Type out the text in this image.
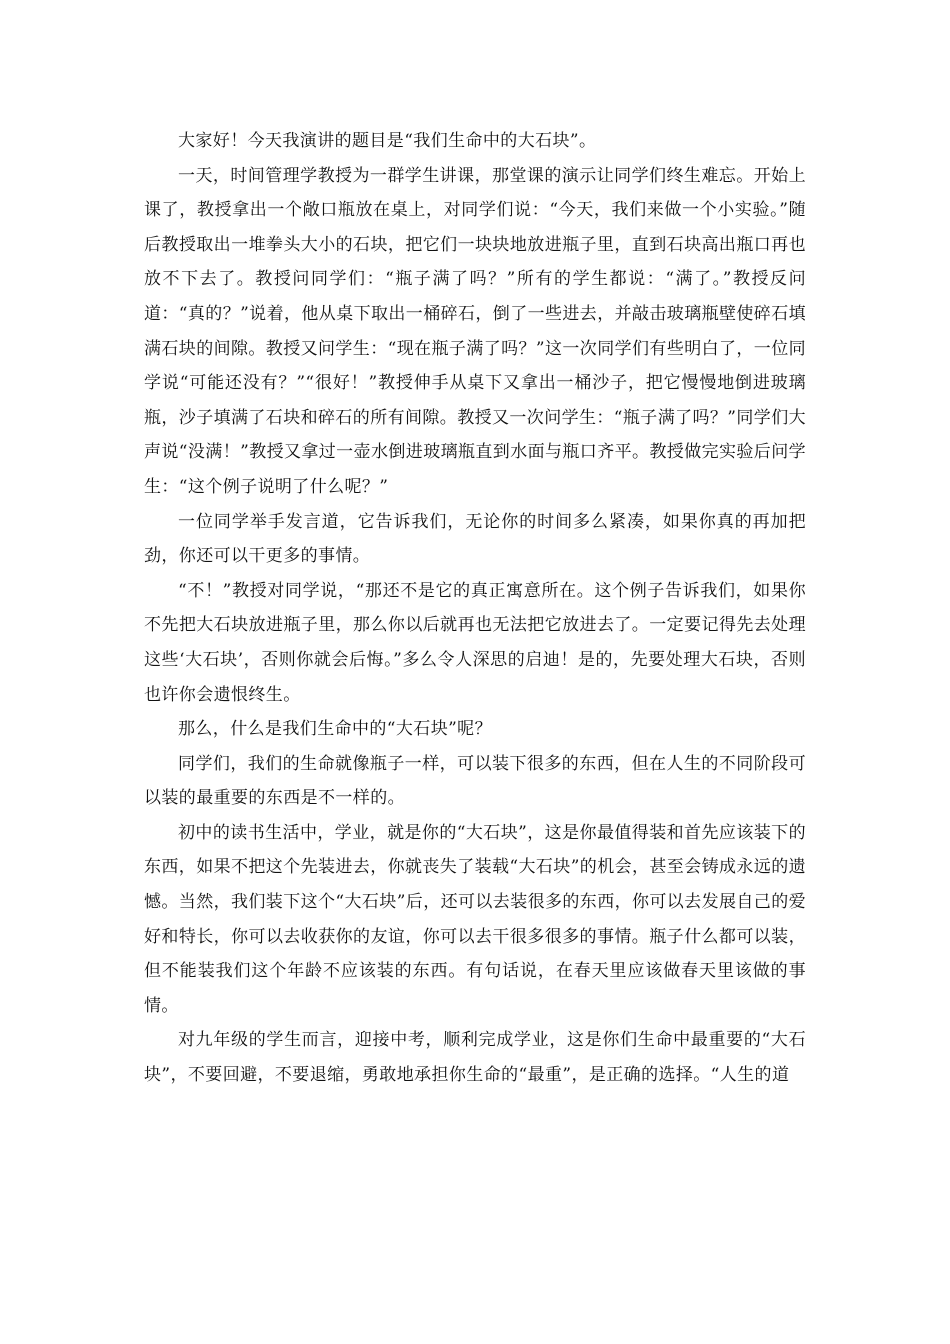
大家好！今天我演讲的题目是“我们生命中的大石块”。

一天，时间管理学教授为一群学生讲课，那堂课的演示让同学们终生难忘。开始上课了，教授拿出一个敞口瓶放在桌上，对同学们说：“今天，我们来做一个小实验。”随后教授取出一堆拳头大小的石块，把它们一块块地放进瓶子里，直到石块高出瓶口再也放不下去了。教授问同学们：“瓶子满了吗？”所有的学生都说：“满了。”教授反问道：“真的？”说着，他从桌下取出一桶碎石，倒了一些进去，并敲击玻璃瓶壁使碎石填满石块的间隙。教授又问学生：“现在瓶子满了吗？”这一次同学们有些明白了，一位同学说“可能还没有？”“很好！”教授伸手从桌下又拿出一桶沙子，把它慢慢地倒进玻璃瓶，沙子填满了石块和碎石的所有间隙。教授又一次问学生：“瓶子满了吗？”同学们大声说“没满！”教授又拿过一壶水倒进玻璃瓶直到水面与瓶口齐平。教授做完实验后问学生：“这个例子说明了什么呢？”

一位同学举手发言道，它告诉我们，无论你的时间多么紧凑，如果你真的再加把劲，你还可以干更多的事情。

“不！”教授对同学说，“那还不是它的真正寓意所在。这个例子告诉我们，如果你不先把大石块放进瓶子里，那么你以后就再也无法把它放进去了。一定要记得先去处理这些‘大石块’，否则你就会后悔。”多么令人深思的启迪！是的，先要处理大石块，否则也许你会遗恨终生。

那么，什么是我们生命中的“大石块”呢？

同学们，我们的生命就像瓶子一样，可以装下很多的东西，但在人生的不同阶段可以装的最重要的东西是不一样的。

初中的读书生活中，学业，就是你的“大石块”，这是你最值得装和首先应该装下的东西，如果不把这个先装进去，你就丧失了装载“大石块”的机会，甚至会铸成永远的遗憾。当然，我们装下这个“大石块”后，还可以去装很多的东西，你可以去发展自己的爱好和特长，你可以去收获你的友谊，你可以去干很多很多的事情。瓶子什么都可以装，但不能装我们这个年龄不应该装的东西。有句话说，在春天里应该做春天里该做的事情。

对九年级的学生而言，迎接中考，顺利完成学业，这是你们生命中最重要的“大石块”，不要回避，不要退缩，勇敢地承担你生命的“最重”，是正确的选择。“人生的道
